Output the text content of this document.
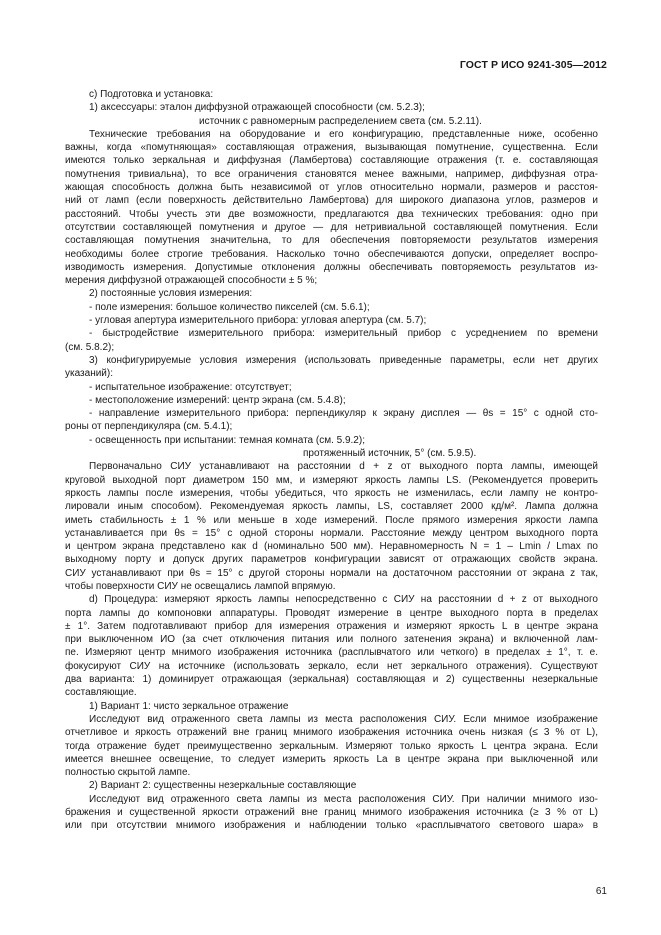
ГОСТ Р ИСО 9241-305—2012
c) Подготовка и установка:
1) аксессуары: эталон диффузной отражающей способности (см. 5.2.3);
источник с равномерным распределением света (см. 5.2.11).
Технические требования на оборудование и его конфигурацию, представленные ниже, особенно
важны, когда «помутняющая» составляющая отражения, вызывающая помутнение, существенна. Если
имеются только зеркальная и диффузная (Ламбертова) составляющие отражения (т. е. составляющая
помутнения тривиальна), то все ограничения становятся менее важными, например, диффузная отра-
жающая способность должна быть независимой от углов относительно нормали, размеров и расстоя-
ний от ламп (если поверхность действительно Ламбертова) для широкого диапазона углов, размеров и
расстояний. Чтобы учесть эти две возможности, предлагаются два технических требования: одно при
отсутствии составляющей помутнения и другое — для нетривиальной составляющей помутнения. Если
составляющая помутнения значительна, то для обеспечения повторяемости результатов измерения
необходимы более строгие требования. Насколько точно обеспечиваются допуски, определяет воспро-
изводимость измерения. Допустимые отклонения должны обеспечивать повторяемость результатов из-
мерения диффузной отражающей способности ± 5 %;
2) постоянные условия измерения:
- поле измерения: большое количество пикселей (см. 5.6.1);
- угловая апертура измерительного прибора: угловая апертура (см. 5.7);
- быстродействие измерительного прибора: измерительный прибор с усреднением по времени
(см. 5.8.2);
3) конфигурируемые условия измерения (использовать приведенные параметры, если нет других
указаний):
- испытательное изображение: отсутствует;
- местоположение измерений: центр экрана (см. 5.4.8);
- направление измерительного прибора: перпендикуляр к экрану дисплея — θs = 15° с одной сто-
роны от перпендикуляра (см. 5.4.1);
- освещенность при испытании: темная комната (см. 5.9.2);
протяженный источник, 5° (см. 5.9.5).
Первоначально СИУ устанавливают на расстоянии d + z от выходного порта лампы, имеющей
круговой выходной порт диаметром 150 мм, и измеряют яркость лампы LS. (Рекомендуется проверить
яркость лампы после измерения, чтобы убедиться, что яркость не изменилась, если лампу не контро-
лировали иным способом). Рекомендуемая яркость лампы, LS, составляет 2000 кд/м². Лампа должна
иметь стабильность ± 1 % или меньше в ходе измерений. После прямого измерения яркости лампа
устанавливается при θs = 15° с одной стороны нормали. Расстояние между центром выходного порта
и центром экрана представлено как d (номинально 500 мм). Неравномерность N = 1 – Lmin / Lmax по
выходному порту и допуск других параметров конфигурации зависят от отражающих свойств экрана.
СИУ устанавливают при θs = 15° с другой стороны нормали на достаточном расстоянии от экрана z так,
чтобы поверхности СИУ не освещались лампой впрямую.
d) Процедура: измеряют яркость лампы непосредственно с СИУ на расстоянии d + z от выходного
порта лампы до компоновки аппаратуры. Проводят измерение в центре выходного порта в пределах
± 1°. Затем подготавливают прибор для измерения отражения и измеряют яркость L в центре экрана
при выключенном ИО (за счет отключения питания или полного затенения экрана) и включенной лам-
пе. Измеряют центр мнимого изображения источника (расплывчатого или четкого) в пределах ± 1°, т. е.
фокусируют СИУ на источнике (использовать зеркало, если нет зеркального отражения). Существуют
два варианта: 1) доминирует отражающая (зеркальная) составляющая и 2) существенны незеркальные
составляющие.
1) Вариант 1: чисто зеркальное отражение
Исследуют вид отраженного света лампы из места расположения СИУ. Если мнимое изображение
отчетливое и яркость отражений вне границ мнимого изображения источника очень низкая (≤ 3 % от L),
тогда отражение будет преимущественно зеркальным. Измеряют только яркость L центра экрана. Если
имеется внешнее освещение, то следует измерить яркость La в центре экрана при выключенной или
полностью скрытой лампе.
2) Вариант 2: существенны незеркальные составляющие
Исследуют вид отраженного света лампы из места расположения СИУ. При наличии мнимого изо-
бражения и существенной яркости отражений вне границ мнимого изображения источника (≥ 3 % от L)
или при отсутствии мнимого изображения и наблюдении только «расплывчатого светового шара» в
61
